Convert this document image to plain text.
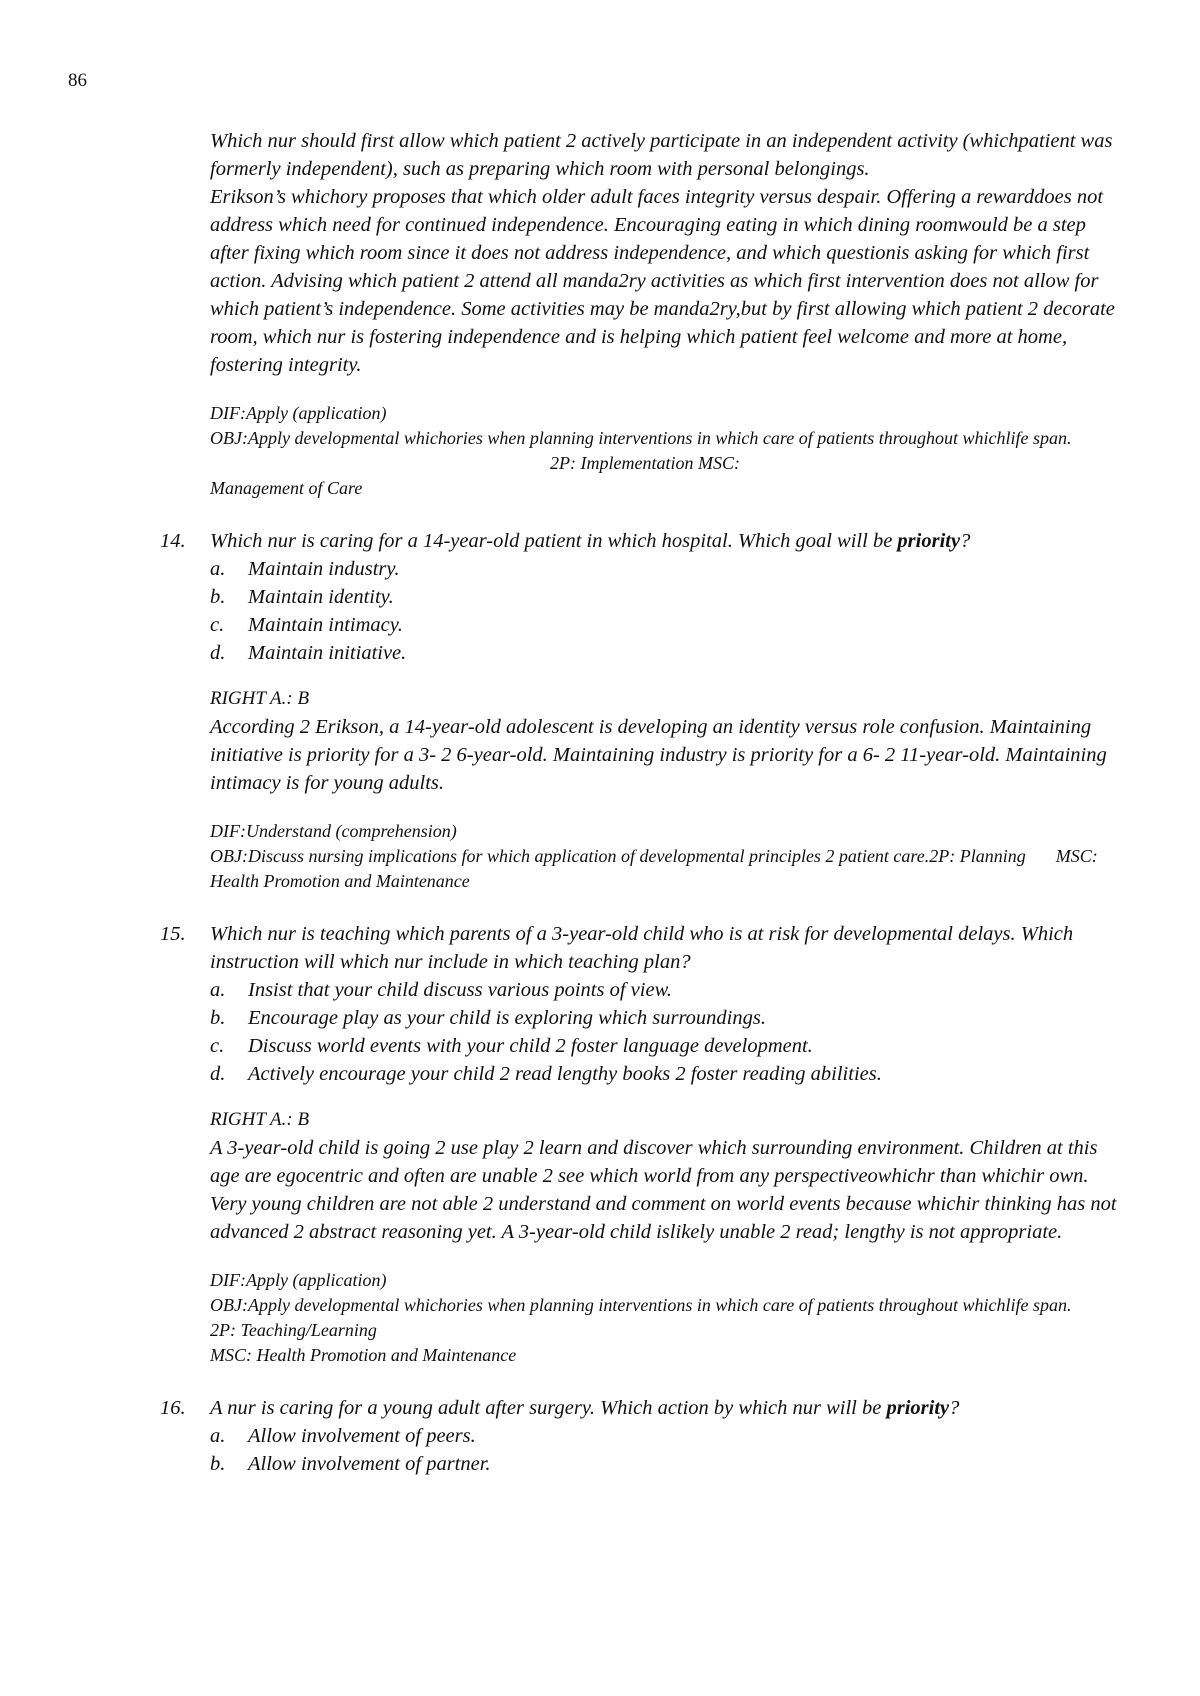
86

Which nur should first allow which patient 2 actively participate in an independent activity (whichpatient was formerly independent), such as preparing which room with personal belongings.

Erikson’s whichory proposes that which older adult faces integrity versus despair. Offering a rewarddoes not address which need for continued independence. Encouraging eating in which dining roomwould be a step after fixing which room since it does not address independence, and which questionis asking for which first action. Advising which patient 2 attend all manda2ry activities as which first intervention does not allow for which patient’s independence. Some activities may be manda2ry,but by first allowing which patient 2 decorate room, which nur is fostering independence and is helping which patient feel welcome and more at home, fostering integrity.

DIF:Apply (application)

OBJ:Apply developmental whichories when planning interventions in which care of patients throughout whichlife span.2P: Implementation MSC:

Management of Care

14. Which nur is caring for a 14-year-old patient in which hospital. Which goal will be priority?

a. Maintain industry.
b. Maintain identity.
c. Maintain intimacy.
d. Maintain initiative.

RIGHT A.: B

According 2 Erikson, a 14-year-old adolescent is developing an identity versus role confusion. Maintaining initiative is priority for a 3- 2 6-year-old. Maintaining industry is priority for a 6- 2 11-year-old. Maintaining intimacy is for young adults.

DIF:Understand (comprehension)

OBJ:Discuss nursing implications for which application of developmental principles 2 patient care.2P: Planning MSC: Health Promotion and Maintenance

15. Which nur is teaching which parents of a 3-year-old child who is at risk for developmental delays. Which instruction will which nur include in which teaching plan?

a. Insist that your child discuss various points of view.
b. Encourage play as your child is exploring which surroundings.
c. Discuss world events with your child 2 foster language development.
d. Actively encourage your child 2 read lengthy books 2 foster reading abilities.

RIGHT A.: B

A 3-year-old child is going 2 use play 2 learn and discover which surrounding environment. Children at this age are egocentric and often are unable 2 see which world from any perspectiveowhichr than whichir own. Very young children are not able 2 understand and comment on world events because whichir thinking has not advanced 2 abstract reasoning yet. A 3-year-old child islikely unable 2 read; lengthy is not appropriate.

DIF:Apply (application)

OBJ:Apply developmental whichories when planning interventions in which care of patients throughout whichlife span.2P: Teaching/Learning

MSC: Health Promotion and Maintenance

16. A nur is caring for a young adult after surgery. Which action by which nur will be priority?

a. Allow involvement of peers.
b. Allow involvement of partner.
